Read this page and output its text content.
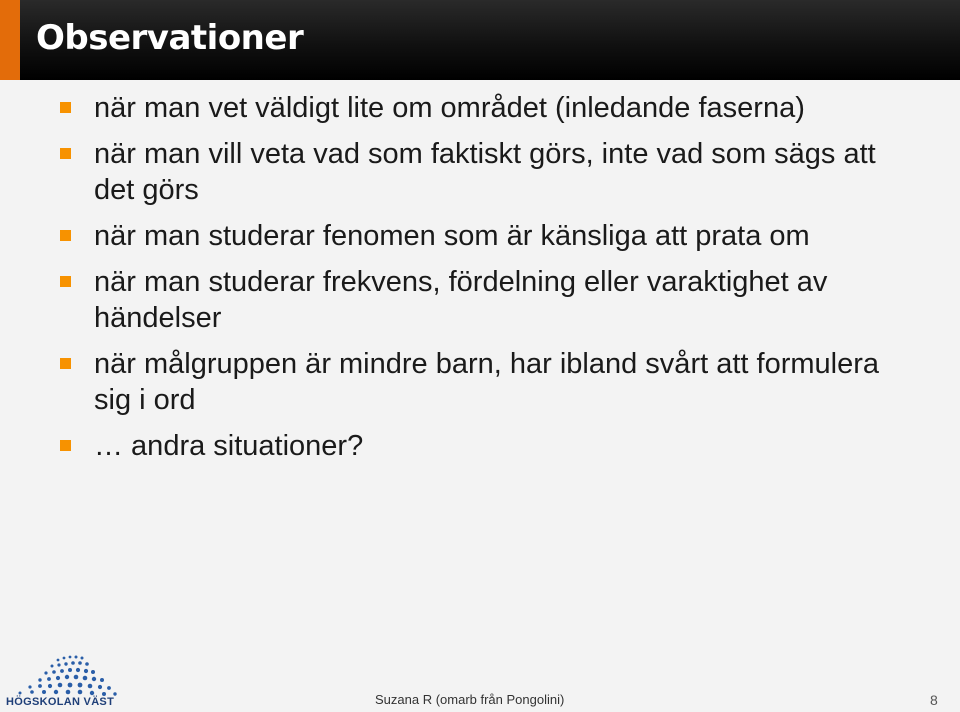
Observationer
när man vet väldigt lite om området (inledande faserna)
när man vill veta vad som faktiskt görs, inte vad som sägs att det görs
när man studerar fenomen som är känsliga att prata om
när man studerar frekvens, fördelning eller varaktighet av händelser
när målgruppen är mindre barn, har ibland svårt att formulera sig i ord
… andra situationer?
HÖGSKOLAN VÄST	Suzana R (omarb från Pongolini)	8
